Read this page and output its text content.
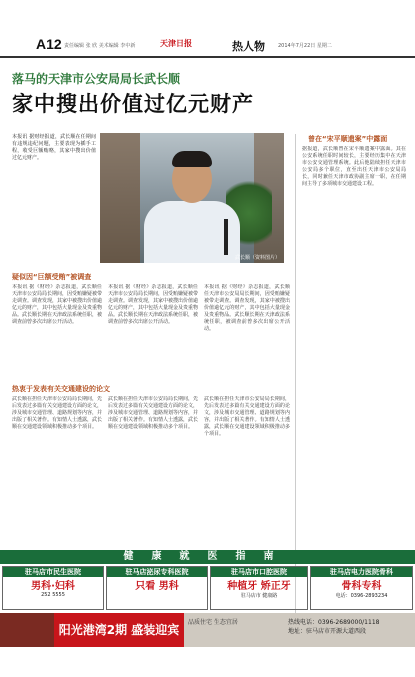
A12 责任编辑 张 欣 美术编辑 李中新	天津日报	热人物	2014年7月22日 星期二
落马的天津市公安局局长武长顺
家中搜出价值过亿元财产
本报讯 据财经报道，武长顺在任期间有违规违纪问题，主要表现为插手工程，收受巨额贿赂，其家中搜出价值过亿元财产。
武长顺（资料图片）
曾在“宋平顺遗案”中露面
据报道，武长顺曾在宋平顺遗案中露面。其在公安系统任职时间较长，主要经历集中在天津市公安交通管理系统。此后他陆续担任天津市公安局多个职位，直至出任天津市公安局局长，同时兼任天津市政协副主席一职，在任期间主导了多项城市交通建设工程。
疑似因“巨额受贿”被调查
本报讯 据《财经》杂志报道，武长顺任天津市公安局局长期间，因受贿嫌疑被带走调查。调查发现，其家中被搜出价值逾亿元的财产，其中包括大量现金及贵重物品。武长顺长期在天津政法系统任职，被调查前曾多次出席公开活动。
本报讯 据《财经》杂志报道，武长顺任天津市公安局局长期间，因受贿嫌疑被带走调查。调查发现，其家中被搜出价值逾亿元的财产，其中包括大量现金及贵重物品。武长顺长期在天津政法系统任职，被调查前曾多次出席公开活动。
本报讯 据《财经》杂志报道，武长顺任天津市公安局局长期间，因受贿嫌疑被带走调查。调查发现，其家中被搜出价值逾亿元的财产，其中包括大量现金及贵重物品。武长顺长期在天津政法系统任职，被调查前曾多次出席公开活动。
热衷于发表有关交通建设的论文
武长顺在担任天津市公安局局长期间，先后发表过多篇有关交通建设方面的论文，涉及城市交通管理、道路规划等内容，并出版了相关著作。有知情人士透露，武长顺在交通建设领域积极推动多个项目。
武长顺在担任天津市公安局局长期间，先后发表过多篇有关交通建设方面的论文，涉及城市交通管理、道路规划等内容，并出版了相关著作。有知情人士透露，武长顺在交通建设领域积极推动多个项目。
武长顺在担任天津市公安局局长期间，先后发表过多篇有关交通建设方面的论文，涉及城市交通管理、道路规划等内容，并出版了相关著作。有知情人士透露，武长顺在交通建设领域积极推动多个项目。
健康就医指南
驻马店市民生医院
男科·妇科
252 5555
驻马店泌尿专科医院
只看 男科
驻马店市口腔医院
种植牙 矫正牙
驻马店市 健康路
驻马店电力医院骨科
骨科专科
电话：0396-2893234
阳光港湾2期 盛装迎宾
品质住宅 生态宜居	热线电话：0396-2689000/1118
地址：驻马店市开源大道西段
